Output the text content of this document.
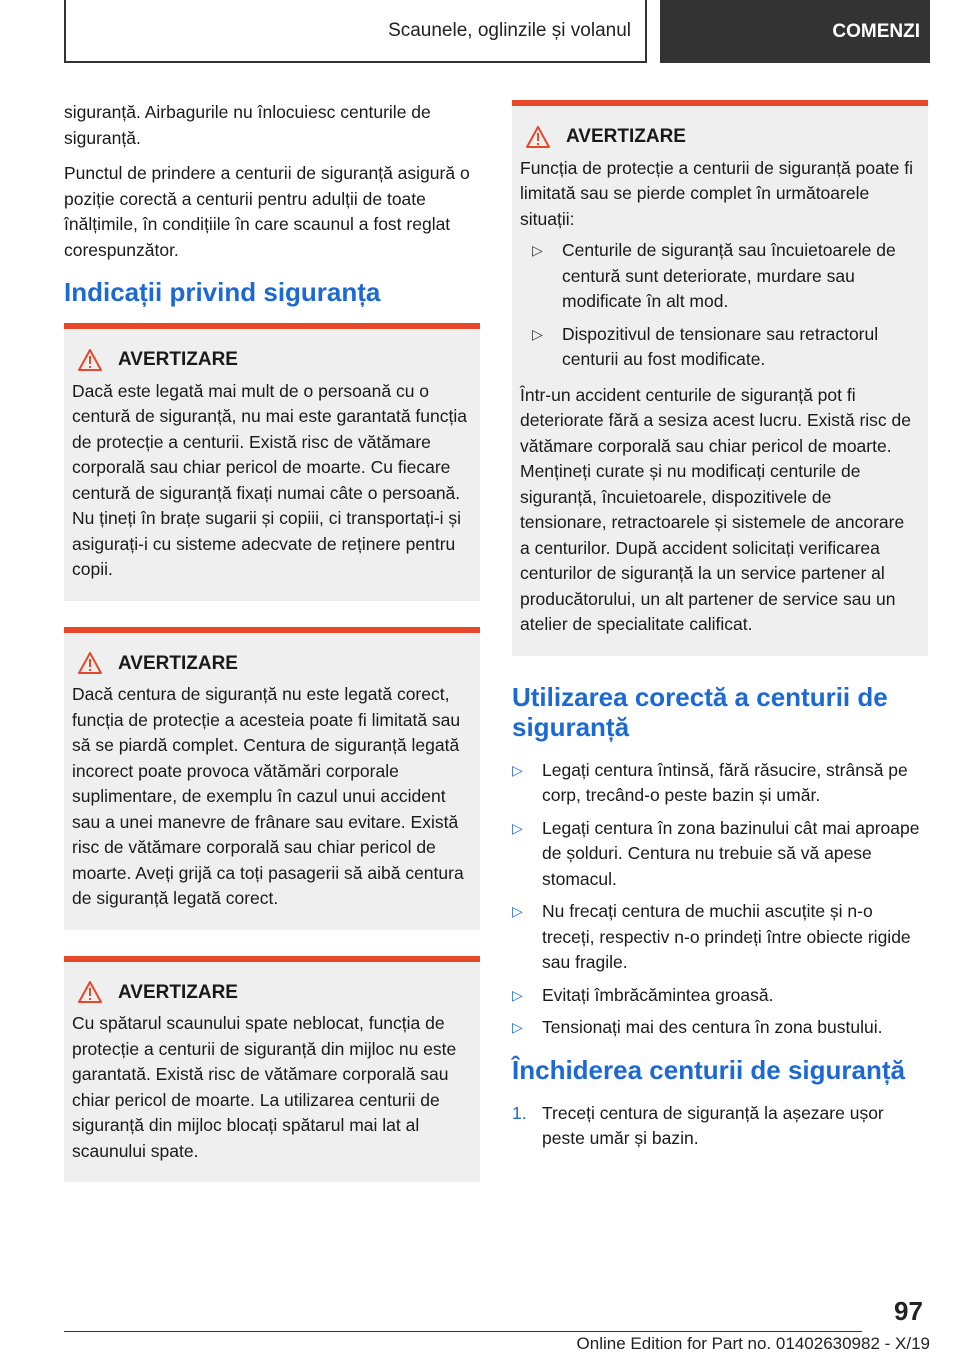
Scaunele, oglinzile și volanul	COMENZI

siguranță. Airbagurile nu înlocuiesc centurile de siguranță.

Punctul de prindere a centurii de siguranță asigură o poziție corectă a centurii pentru adulții de toate înălțimile, în condițiile în care scaunul a fost reglat corespunzător.

Indicații privind siguranța
AVERTIZARE

Dacă este legată mai mult de o persoană cu o centură de siguranță, nu mai este garantată funcția de protecție a centurii. Există risc de vătămare corporală sau chiar pericol de moarte. Cu fiecare centură de siguranță fixați numai câte o persoană. Nu țineți în brațe sugarii și copiii, ci transportați-i și asigurați-i cu sisteme adecvate de reținere pentru copii.

AVERTIZARE

Dacă centura de siguranță nu este legată corect, funcția de protecție a acesteia poate fi limitată sau să se piardă complet. Centura de siguranță legată incorect poate provoca vătămări corporale suplimentare, de exemplu în cazul unui accident sau a unei manevre de frânare sau evitare. Există risc de vătămare corporală sau chiar pericol de moarte. Aveți grijă ca toți pasagerii să aibă centura de siguranță legată corect.

AVERTIZARE

Cu spătarul scaunului spate neblocat, funcția de protecție a centurii de siguranță din mijloc nu este garantată. Există risc de vătămare corporală sau chiar pericol de moarte. La utilizarea centurii de siguranță din mijloc blocați spătarul mai lat al scaunului spate.

AVERTIZARE

Funcția de protecție a centurii de siguranță poate fi limitată sau se pierde complet în următoarele situații:

▷ Centurile de siguranță sau încuietoarele de centură sunt deteriorate, murdare sau modificate în alt mod.
▷ Dispozitivul de tensionare sau retractorul centurii au fost modificate.

Într-un accident centurile de siguranță pot fi deteriorate fără a sesiza acest lucru. Există risc de vătămare corporală sau chiar pericol de moarte. Mențineți curate și nu modificați centurile de siguranță, încuietoarele, dispozitivele de tensionare, retractoarele și sistemele de ancorare a centurilor. După accident solicitați verificarea centurilor de siguranță la un service partener al producătorului, un alt partener de service sau un atelier de specialitate calificat.

Utilizarea corectă a centurii de siguranță
▷ Legați centura întinsă, fără răsucire, strânsă pe corp, trecând-o peste bazin și umăr.
▷ Legați centura în zona bazinului cât mai aproape de șolduri. Centura nu trebuie să vă apese stomacul.
▷ Nu frecați centura de muchii ascuțite și n-o treceți, respectiv n-o prindeți între obiecte rigide sau fragile.
▷ Evitați îmbrăcămintea groasă.
▷ Tensionați mai des centura în zona bustului.
Închiderea centurii de siguranță
1. Treceți centura de siguranță la așezare ușor peste umăr și bazin.
97
Online Edition for Part no. 01402630982 - X/19
